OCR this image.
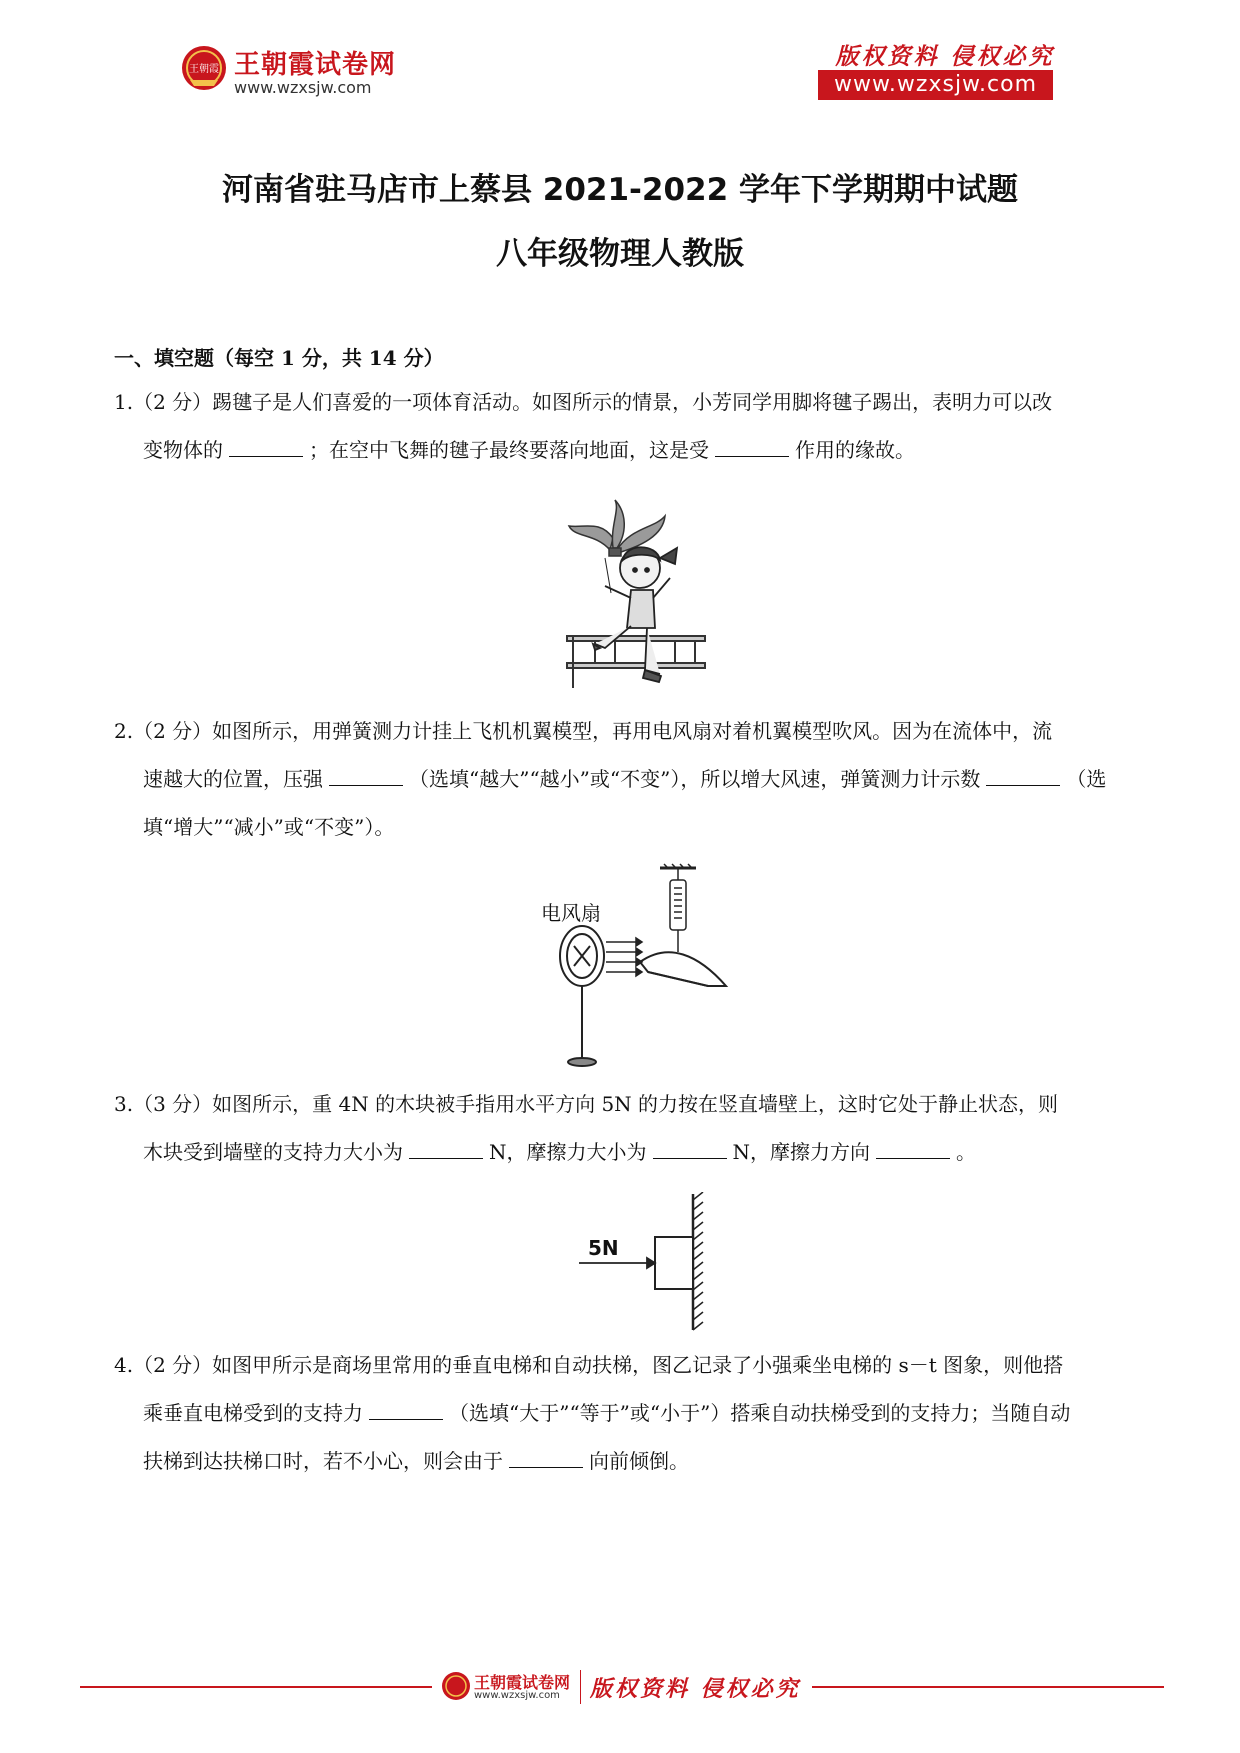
王朝霞 王朝霞试卷网
www.wzxsjw.com
版权资料 侵权必究
www.wzxsjw.com
河南省驻马店市上蔡县 2021-2022 学年下学期期中试题
八年级物理人教版
一、填空题（每空 1 分，共 14 分）
1.（2 分）踢毽子是人们喜爱的一项体育活动。如图所示的情景，小芳同学用脚将毽子踢出，表明力可以改
变物体的	；在空中飞舞的毽子最终要落向地面，这是受	作用的缘故。
2.（2 分）如图所示，用弹簧测力计挂上飞机机翼模型，再用电风扇对着机翼模型吹风。因为在流体中，流
速越大的位置，压强	（选填“越大”“越小”或“不变”），所以增大风速，弹簧测力计示数	（选
填“增大”“减小”或“不变”）。
电风扇
3.（3 分）如图所示，重 4N 的木块被手指用水平方向 5N 的力按在竖直墙壁上，这时它处于静止状态，则
木块受到墙壁的支持力大小为	N，摩擦力大小为	N，摩擦力方向	。
5N
4.（2 分）如图甲所示是商场里常用的垂直电梯和自动扶梯，图乙记录了小强乘坐电梯的 s－t 图象，则他搭
乘垂直电梯受到的支持力	（选填“大于”“等于”或“小于”）搭乘自动扶梯受到的支持力；当随自动
扶梯到达扶梯口时，若不小心，则会由于	向前倾倒。
王朝霞试卷网
www.wzxsjw.com 版权资料 侵权必究
